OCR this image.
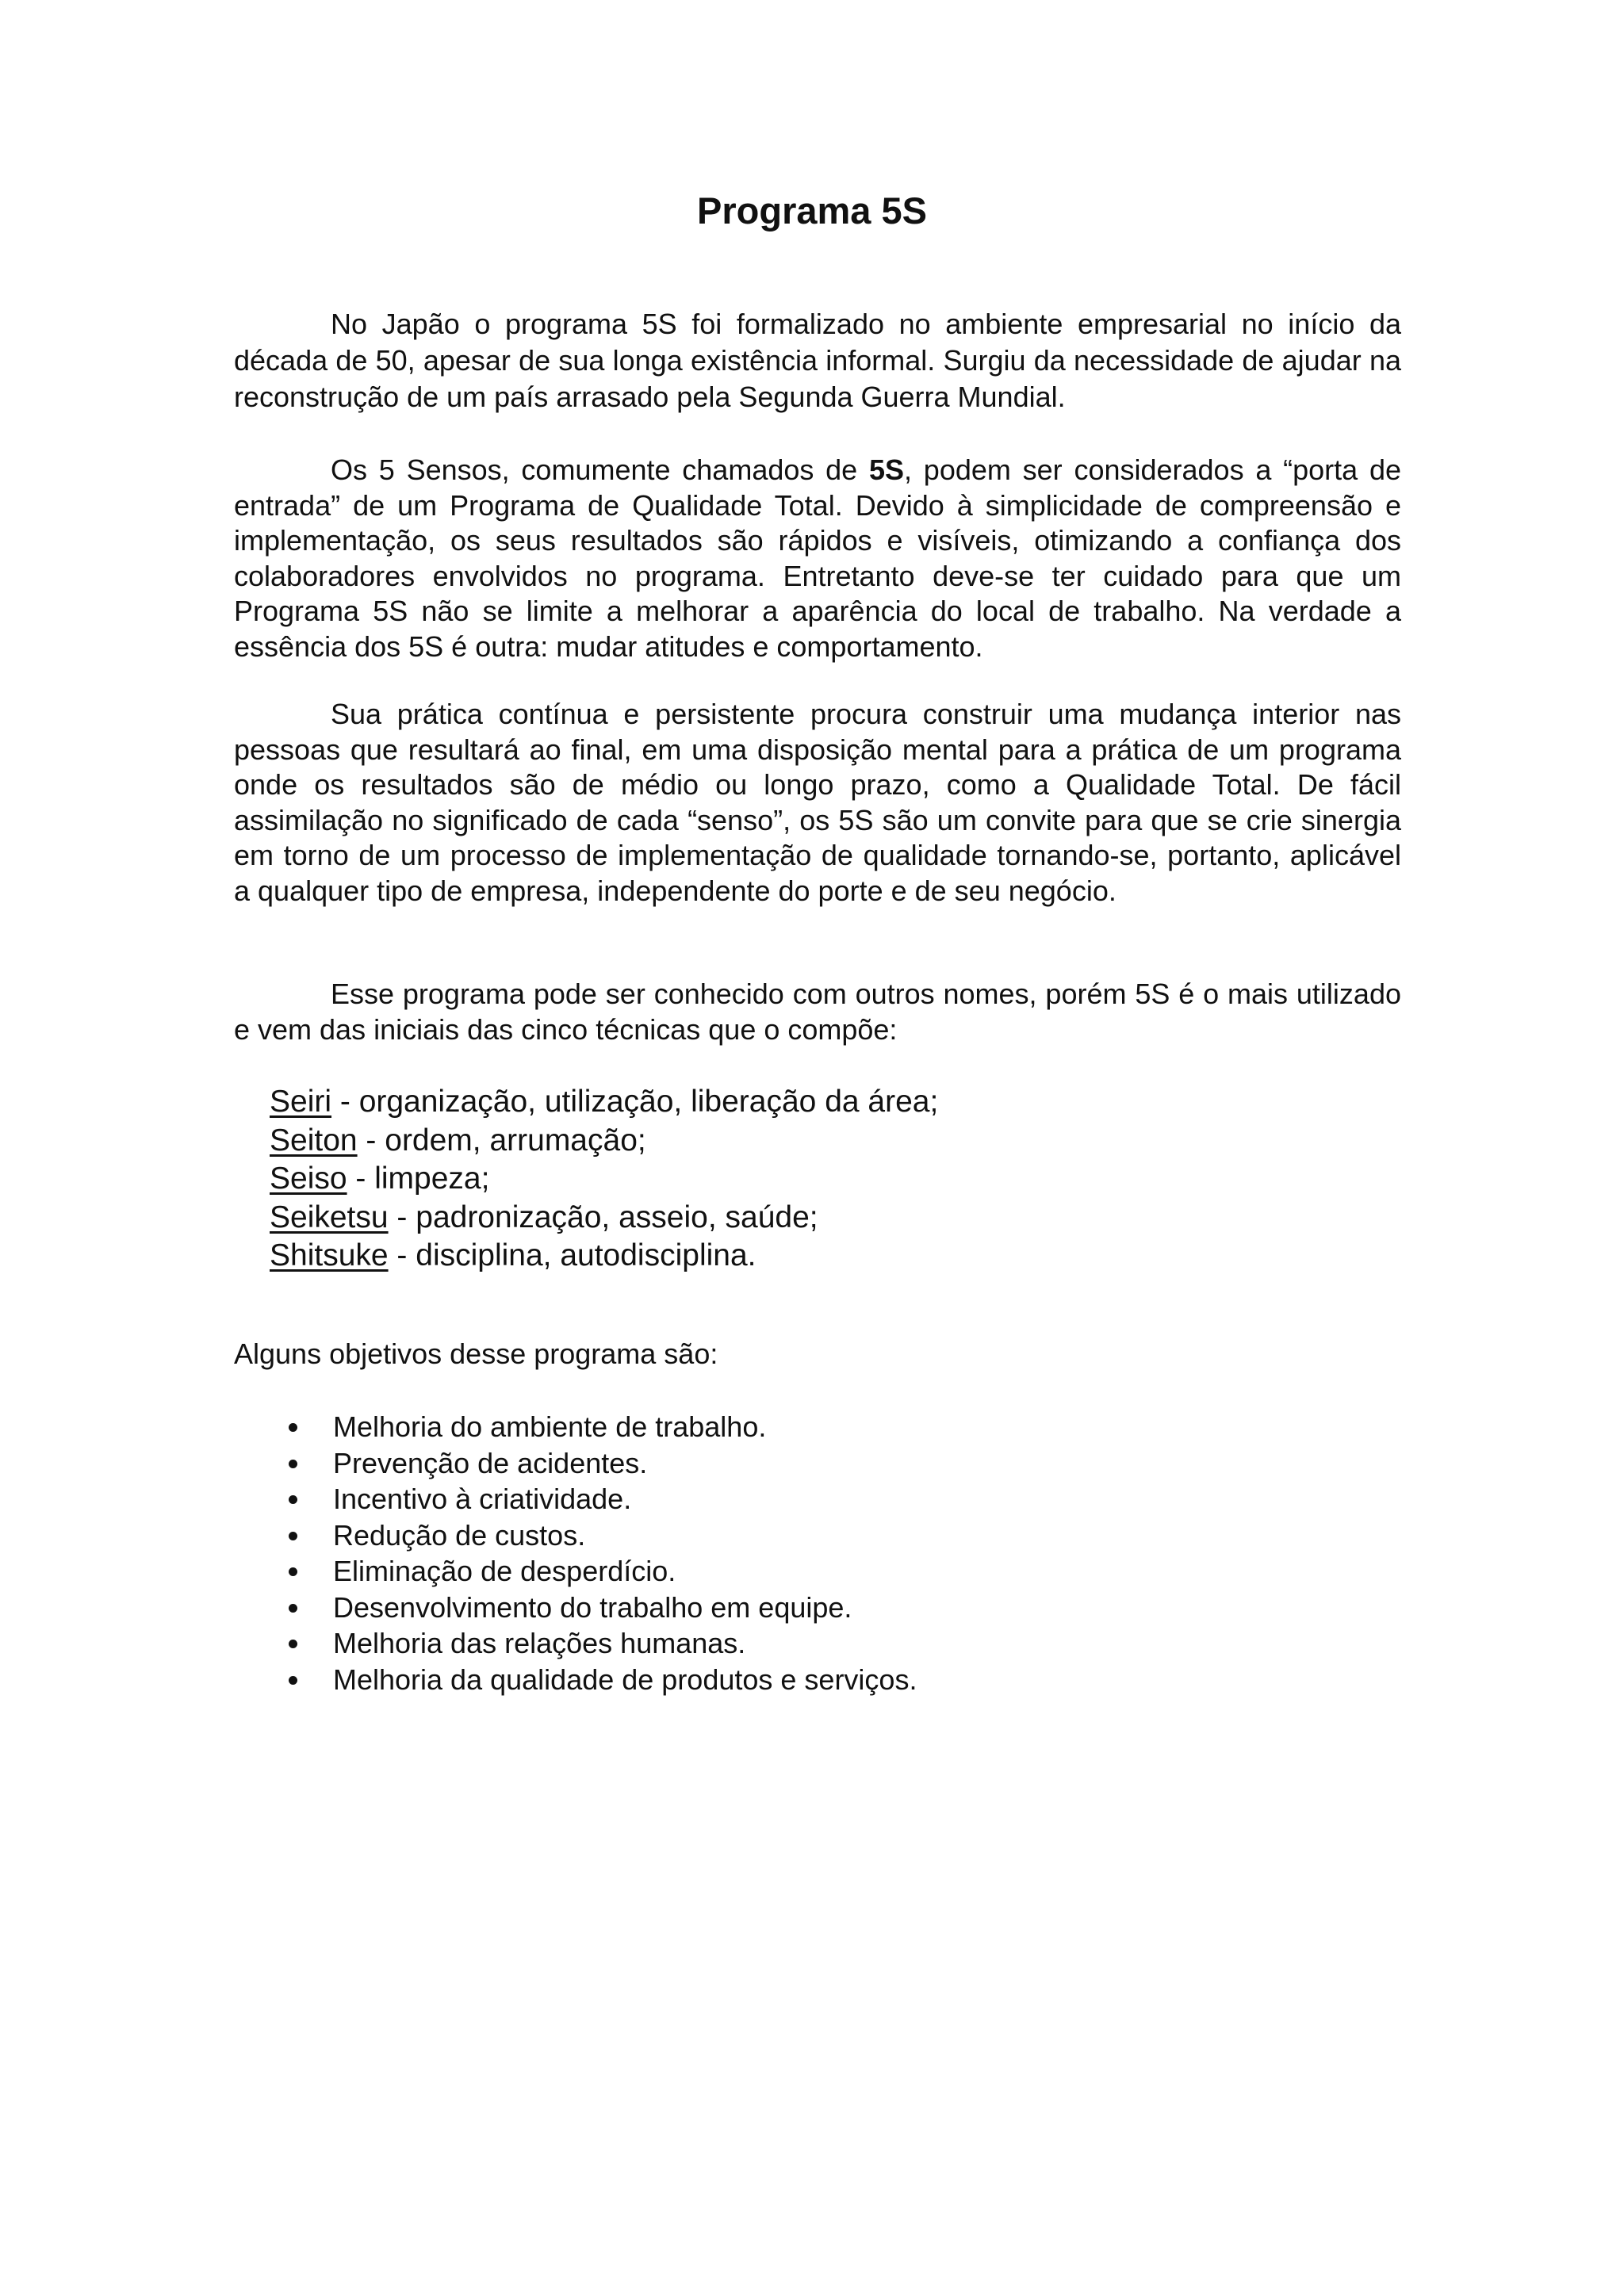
Programa 5S

No Japão o programa 5S foi formalizado no ambiente empresarial no início da década de 50, apesar de sua longa existência informal. Surgiu da necessidade de ajudar na reconstrução de um país arrasado pela Segunda Guerra Mundial.

Os 5 Sensos, comumente chamados de 5S, podem ser considerados a “porta de entrada” de um Programa de Qualidade Total. Devido à simplicidade de compreensão e implementação, os seus resultados são rápidos e visíveis, otimizando a confiança dos colaboradores envolvidos no programa. Entretanto deve-se ter cuidado para que um Programa 5S não se limite a melhorar a aparência do local de trabalho. Na verdade a essência dos 5S é outra: mudar atitudes e comportamento.

Sua prática contínua e persistente procura construir uma mudança interior nas pessoas que resultará ao final, em uma disposição mental para a prática de um programa onde os resultados são de médio ou longo prazo, como a Qualidade Total. De fácil assimilação no significado de cada “senso”, os 5S são um convite para que se crie sinergia em torno de um processo de implementação de qualidade tornando-se, portanto, aplicável a qualquer tipo de empresa, independente do porte e de seu negócio.

Esse programa pode ser conhecido com outros nomes, porém 5S é o mais utilizado e vem das iniciais das cinco técnicas que o compõe:

Seiri - organização, utilização, liberação da área;
Seiton - ordem, arrumação;
Seiso - limpeza;
Seiketsu - padronização, asseio, saúde;
Shitsuke - disciplina, autodisciplina.

Alguns objetivos desse programa são:

Melhoria do ambiente de trabalho.
Prevenção de acidentes.
Incentivo à criatividade.
Redução de custos.
Eliminação de desperdício.
Desenvolvimento do trabalho em equipe.
Melhoria das relações humanas.
Melhoria da qualidade de produtos e serviços.
